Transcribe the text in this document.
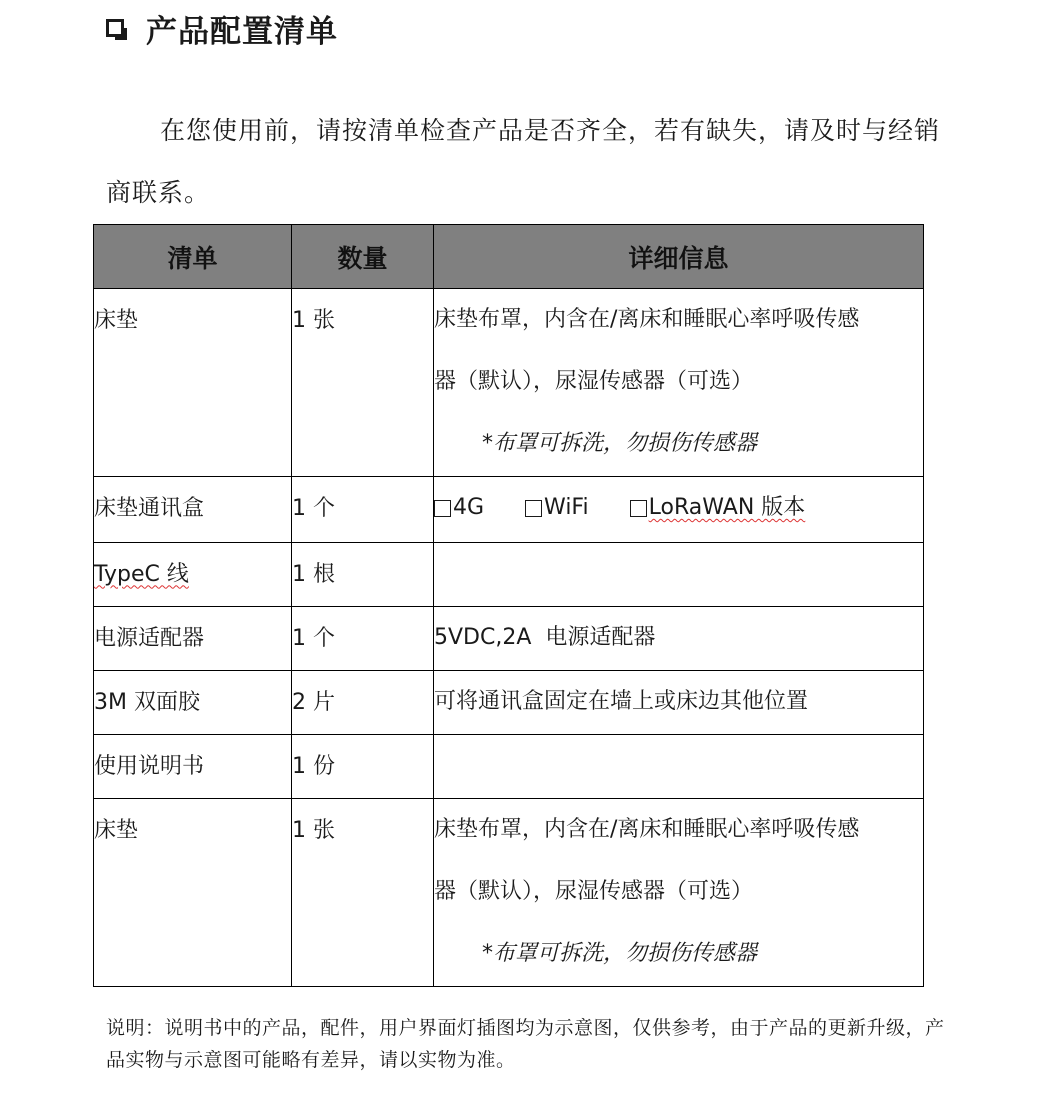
产品配置清单
在您使用前，请按清单检查产品是否齐全，若有缺失，请及时与经销商联系。
清单	数量	详细信息
床垫	1 张	床垫布罩，内含在/离床和睡眠心率呼吸传感
器（默认），尿湿传感器（可选）
*布罩可拆洗，勿损伤传感器

床垫通讯盒	1 个	4G
WiFi
LoRaWAN 版本

TypeC 线	1 根	
电源适配器	1 个	5VDC,2A  电源适配器
3M 双面胶	2 片	可将通讯盒固定在墙上或床边其他位置
使用说明书	1 份	
床垫	1 张	床垫布罩，内含在/离床和睡眠心率呼吸传感
器（默认），尿湿传感器（可选）
*布罩可拆洗，勿损伤传感器
说明：说明书中的产品，配件，用户界面灯插图均为示意图，仅供参考，由于产品的更新升级，产品实物与示意图可能略有差异，请以实物为准。
